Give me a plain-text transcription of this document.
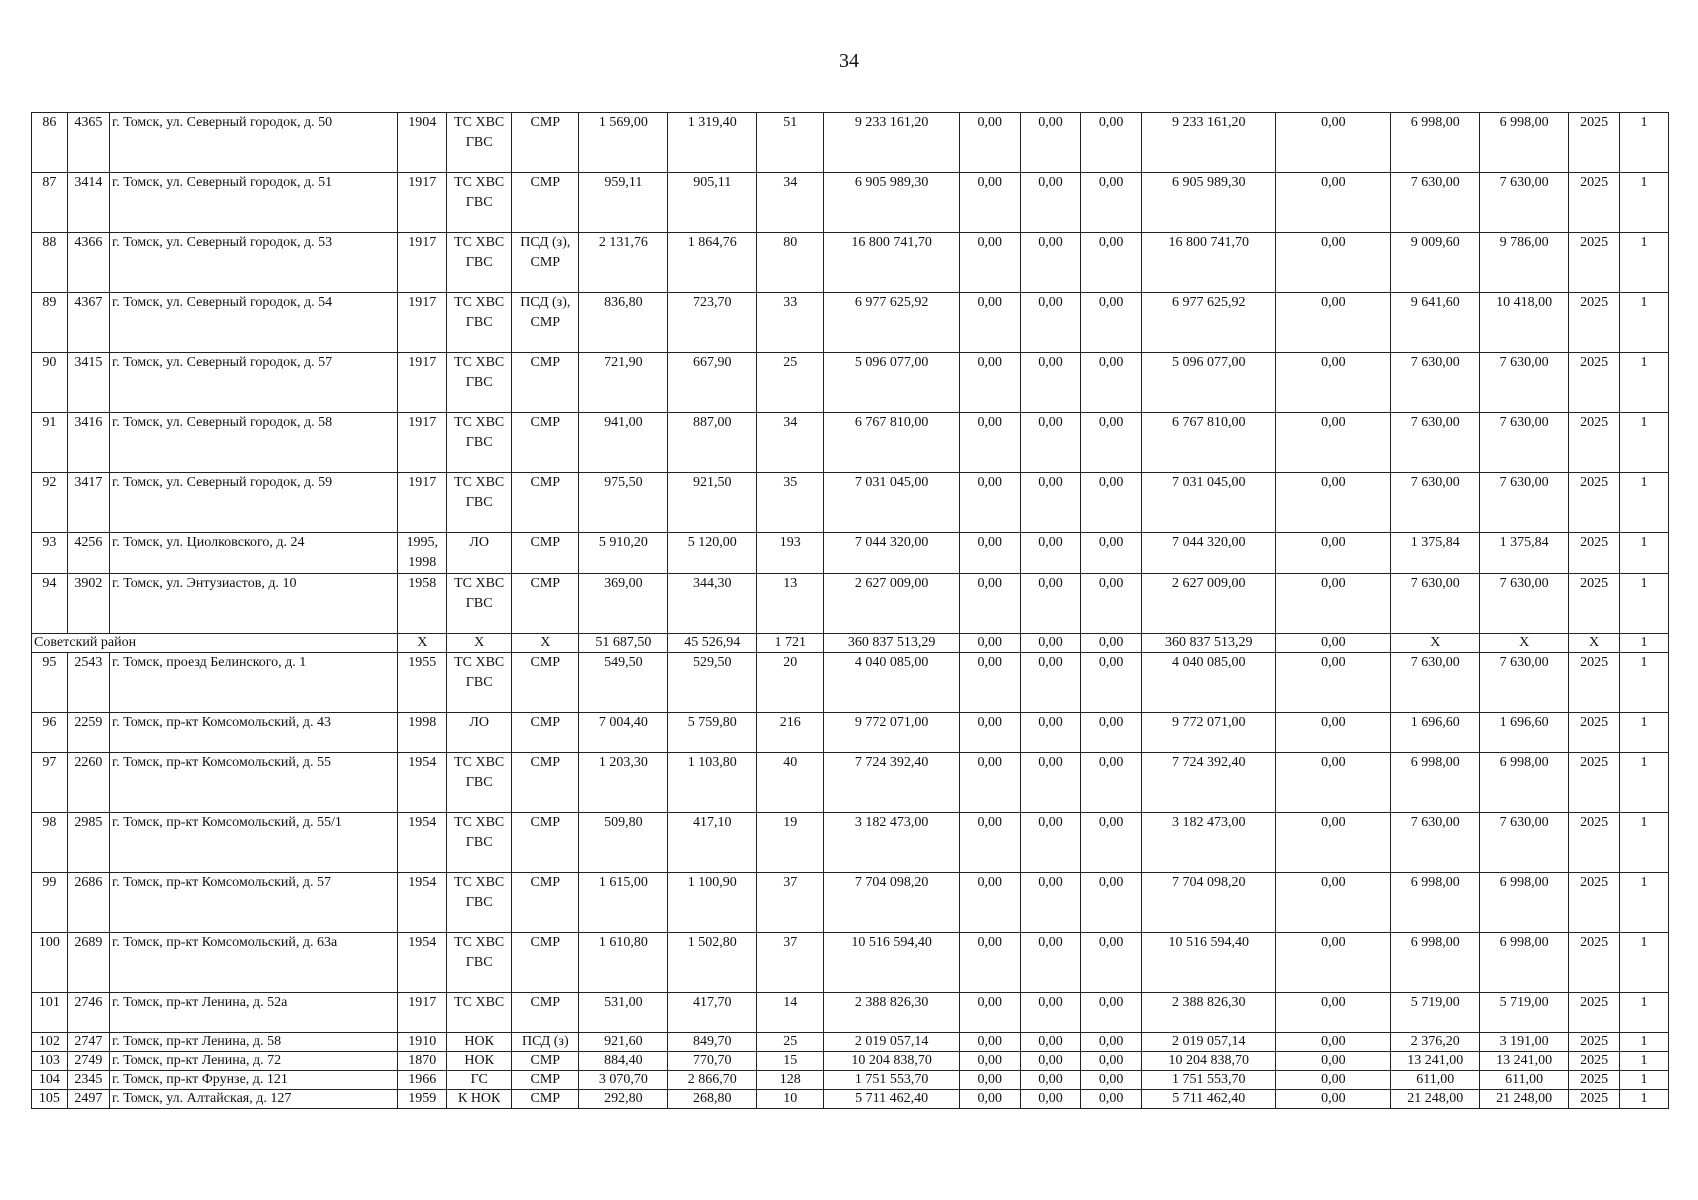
34
86	4365	г. Томск, ул. Северный городок, д. 50	1904	ТС ХВС ГВС	СМР	1 569,00	1 319,40	51	9 233 161,20	0,00	0,00	0,00	9 233 161,20	0,00	6 998,00	6 998,00	2025	1
87	3414	г. Томск, ул. Северный городок, д. 51	1917	ТС ХВС ГВС	СМР	959,11	905,11	34	6 905 989,30	0,00	0,00	0,00	6 905 989,30	0,00	7 630,00	7 630,00	2025	1
88	4366	г. Томск, ул. Северный городок, д. 53	1917	ТС ХВС ГВС	ПСД (з), СМР	2 131,76	1 864,76	80	16 800 741,70	0,00	0,00	0,00	16 800 741,70	0,00	9 009,60	9 786,00	2025	1
89	4367	г. Томск, ул. Северный городок, д. 54	1917	ТС ХВС ГВС	ПСД (з), СМР	836,80	723,70	33	6 977 625,92	0,00	0,00	0,00	6 977 625,92	0,00	9 641,60	10 418,00	2025	1
90	3415	г. Томск, ул. Северный городок, д. 57	1917	ТС ХВС ГВС	СМР	721,90	667,90	25	5 096 077,00	0,00	0,00	0,00	5 096 077,00	0,00	7 630,00	7 630,00	2025	1
91	3416	г. Томск, ул. Северный городок, д. 58	1917	ТС ХВС ГВС	СМР	941,00	887,00	34	6 767 810,00	0,00	0,00	0,00	6 767 810,00	0,00	7 630,00	7 630,00	2025	1
92	3417	г. Томск, ул. Северный городок, д. 59	1917	ТС ХВС ГВС	СМР	975,50	921,50	35	7 031 045,00	0,00	0,00	0,00	7 031 045,00	0,00	7 630,00	7 630,00	2025	1
93	4256	г. Томск, ул. Циолковского, д. 24	1995, 1998	ЛО	СМР	5 910,20	5 120,00	193	7 044 320,00	0,00	0,00	0,00	7 044 320,00	0,00	1 375,84	1 375,84	2025	1
94	3902	г. Томск, ул. Энтузиастов, д. 10	1958	ТС ХВС ГВС	СМР	369,00	344,30	13	2 627 009,00	0,00	0,00	0,00	2 627 009,00	0,00	7 630,00	7 630,00	2025	1
Советский район			X	X	X	51 687,50	45 526,94	1 721	360 837 513,29	0,00	0,00	0,00	360 837 513,29	0,00	X	X	X	1
95	2543	г. Томск, проезд Белинского, д. 1	1955	ТС ХВС ГВС	СМР	549,50	529,50	20	4 040 085,00	0,00	0,00	0,00	4 040 085,00	0,00	7 630,00	7 630,00	2025	1
96	2259	г. Томск, пр-кт Комсомольский, д. 43	1998	ЛО	СМР	7 004,40	5 759,80	216	9 772 071,00	0,00	0,00	0,00	9 772 071,00	0,00	1 696,60	1 696,60	2025	1
97	2260	г. Томск, пр-кт Комсомольский, д. 55	1954	ТС ХВС ГВС	СМР	1 203,30	1 103,80	40	7 724 392,40	0,00	0,00	0,00	7 724 392,40	0,00	6 998,00	6 998,00	2025	1
98	2985	г. Томск, пр-кт Комсомольский, д. 55/1	1954	ТС ХВС ГВС	СМР	509,80	417,10	19	3 182 473,00	0,00	0,00	0,00	3 182 473,00	0,00	7 630,00	7 630,00	2025	1
99	2686	г. Томск, пр-кт Комсомольский, д. 57	1954	ТС ХВС ГВС	СМР	1 615,00	1 100,90	37	7 704 098,20	0,00	0,00	0,00	7 704 098,20	0,00	6 998,00	6 998,00	2025	1
100	2689	г. Томск, пр-кт Комсомольский, д. 63а	1954	ТС ХВС ГВС	СМР	1 610,80	1 502,80	37	10 516 594,40	0,00	0,00	0,00	10 516 594,40	0,00	6 998,00	6 998,00	2025	1
101	2746	г. Томск, пр-кт Ленина, д. 52а	1917	ТС ХВС	СМР	531,00	417,70	14	2 388 826,30	0,00	0,00	0,00	2 388 826,30	0,00	5 719,00	5 719,00	2025	1
102	2747	г. Томск, пр-кт Ленина, д. 58	1910	НОК	ПСД (з)	921,60	849,70	25	2 019 057,14	0,00	0,00	0,00	2 019 057,14	0,00	2 376,20	3 191,00	2025	1
103	2749	г. Томск, пр-кт Ленина, д. 72	1870	НОК	СМР	884,40	770,70	15	10 204 838,70	0,00	0,00	0,00	10 204 838,70	0,00	13 241,00	13 241,00	2025	1
104	2345	г. Томск, пр-кт Фрунзе, д. 121	1966	ГС	СМР	3 070,70	2 866,70	128	1 751 553,70	0,00	0,00	0,00	1 751 553,70	0,00	611,00	611,00	2025	1
105	2497	г. Томск, ул. Алтайская, д. 127	1959	К НОК	СМР	292,80	268,80	10	5 711 462,40	0,00	0,00	0,00	5 711 462,40	0,00	21 248,00	21 248,00	2025	1
